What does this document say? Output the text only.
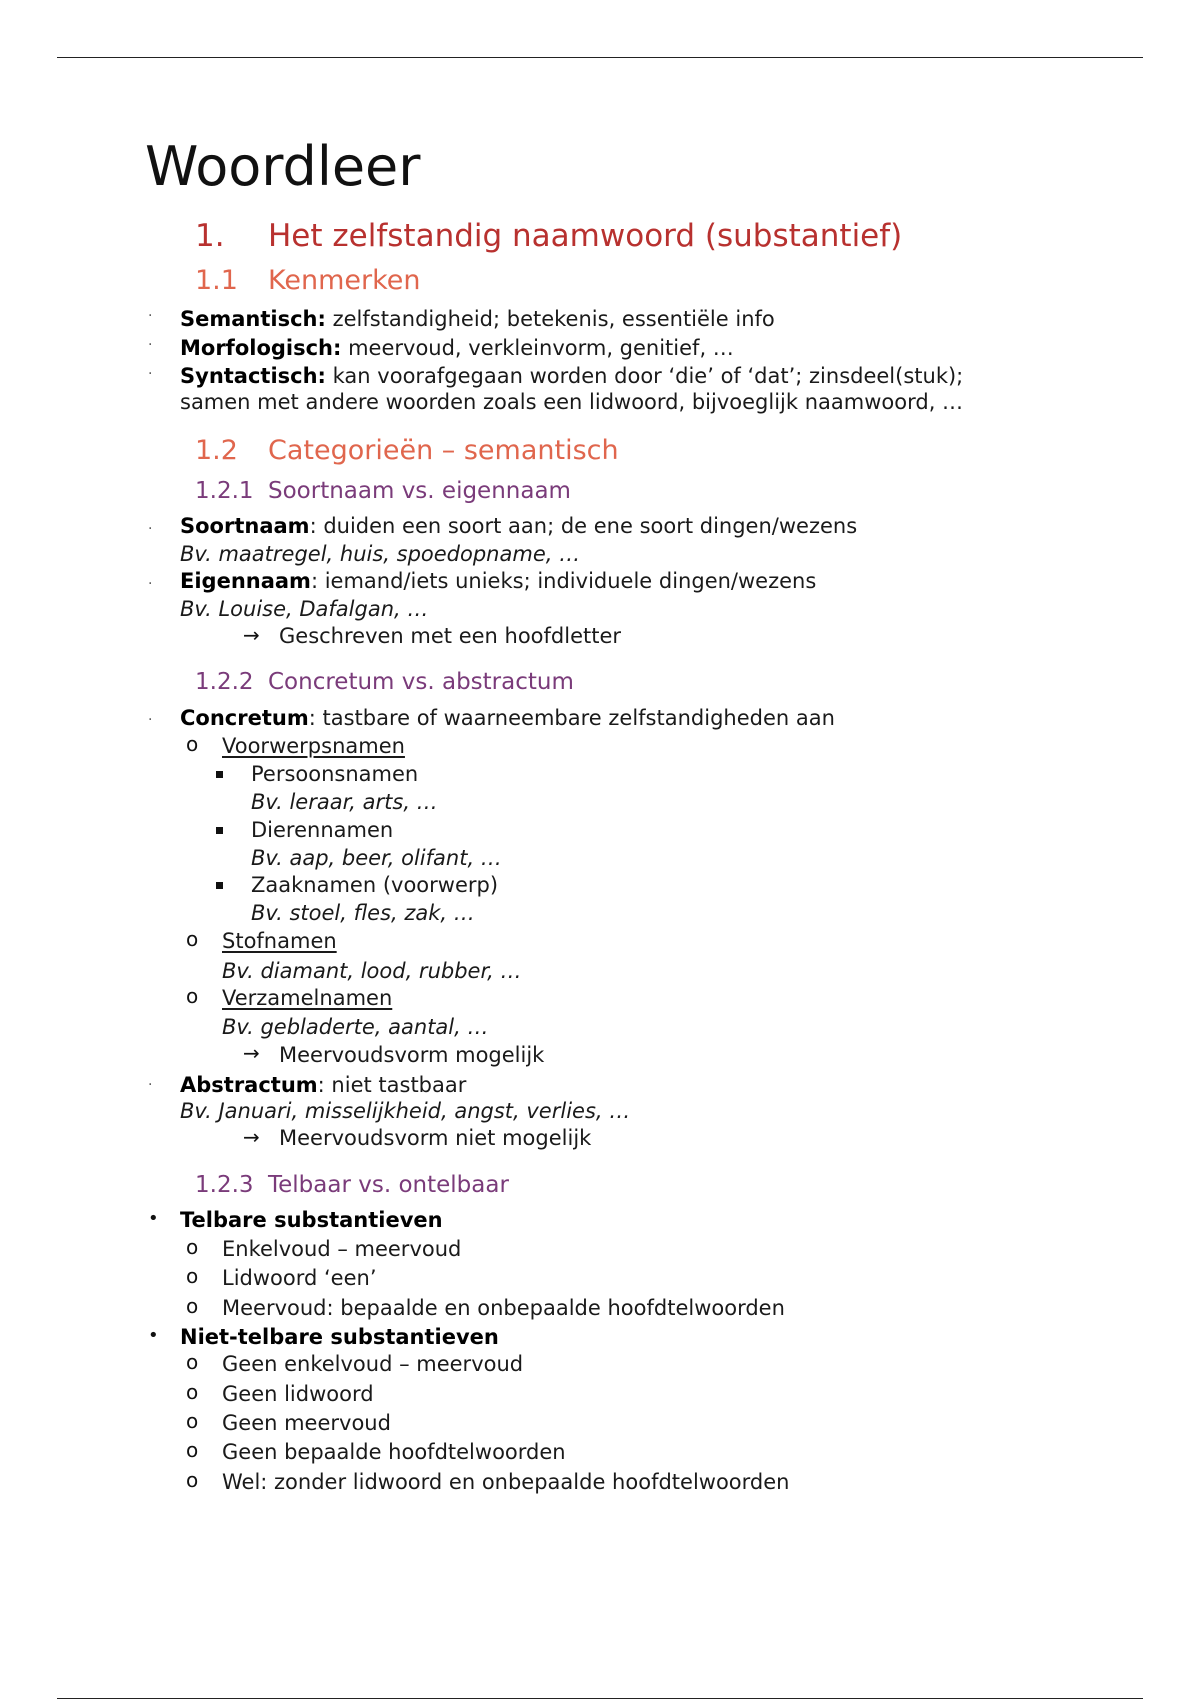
Woordleer
1. Het zelfstandig naamwoord (substantief)
1.1 Kenmerken
· Semantisch: zelfstandigheid; betekenis, essentiële info
· Morfologisch: meervoud, verkleinvorm, genitief, …
· Syntactisch: kan voorafgegaan worden door ‘die’ of ‘dat’; zinsdeel(stuk);
samen met andere woorden zoals een lidwoord, bijvoeglijk naamwoord, …
1.2 Categorieën – semantisch
1.2.1 Soortnaam vs. eigennaam
· Soortnaam: duiden een soort aan; de ene soort dingen/wezens
Bv. maatregel, huis, spoedopname, …
· Eigennaam: iemand/iets unieks; individuele dingen/wezens
Bv. Louise, Dafalgan, …
→ Geschreven met een hoofdletter
1.2.2 Concretum vs. abstractum
· Concretum: tastbare of waarneembare zelfstandigheden aan
o Voorwerpsnamen
Persoonsnamen
Bv. leraar, arts, …
Dierennamen
Bv. aap, beer, olifant, …
Zaaknamen (voorwerp)
Bv. stoel, fles, zak, …
o Stofnamen
Bv. diamant, lood, rubber, …
o Verzamelnamen
Bv. gebladerte, aantal, …
→ Meervoudsvorm mogelijk
· Abstractum: niet tastbaar
Bv. Januari, misselijkheid, angst, verlies, …
→ Meervoudsvorm niet mogelijk
1.2.3 Telbaar vs. ontelbaar
• Telbare substantieven
o Enkelvoud – meervoud
o Lidwoord ‘een’
o Meervoud: bepaalde en onbepaalde hoofdtelwoorden
• Niet-telbare substantieven
o Geen enkelvoud – meervoud
o Geen lidwoord
o Geen meervoud
o Geen bepaalde hoofdtelwoorden
o Wel: zonder lidwoord en onbepaalde hoofdtelwoorden
